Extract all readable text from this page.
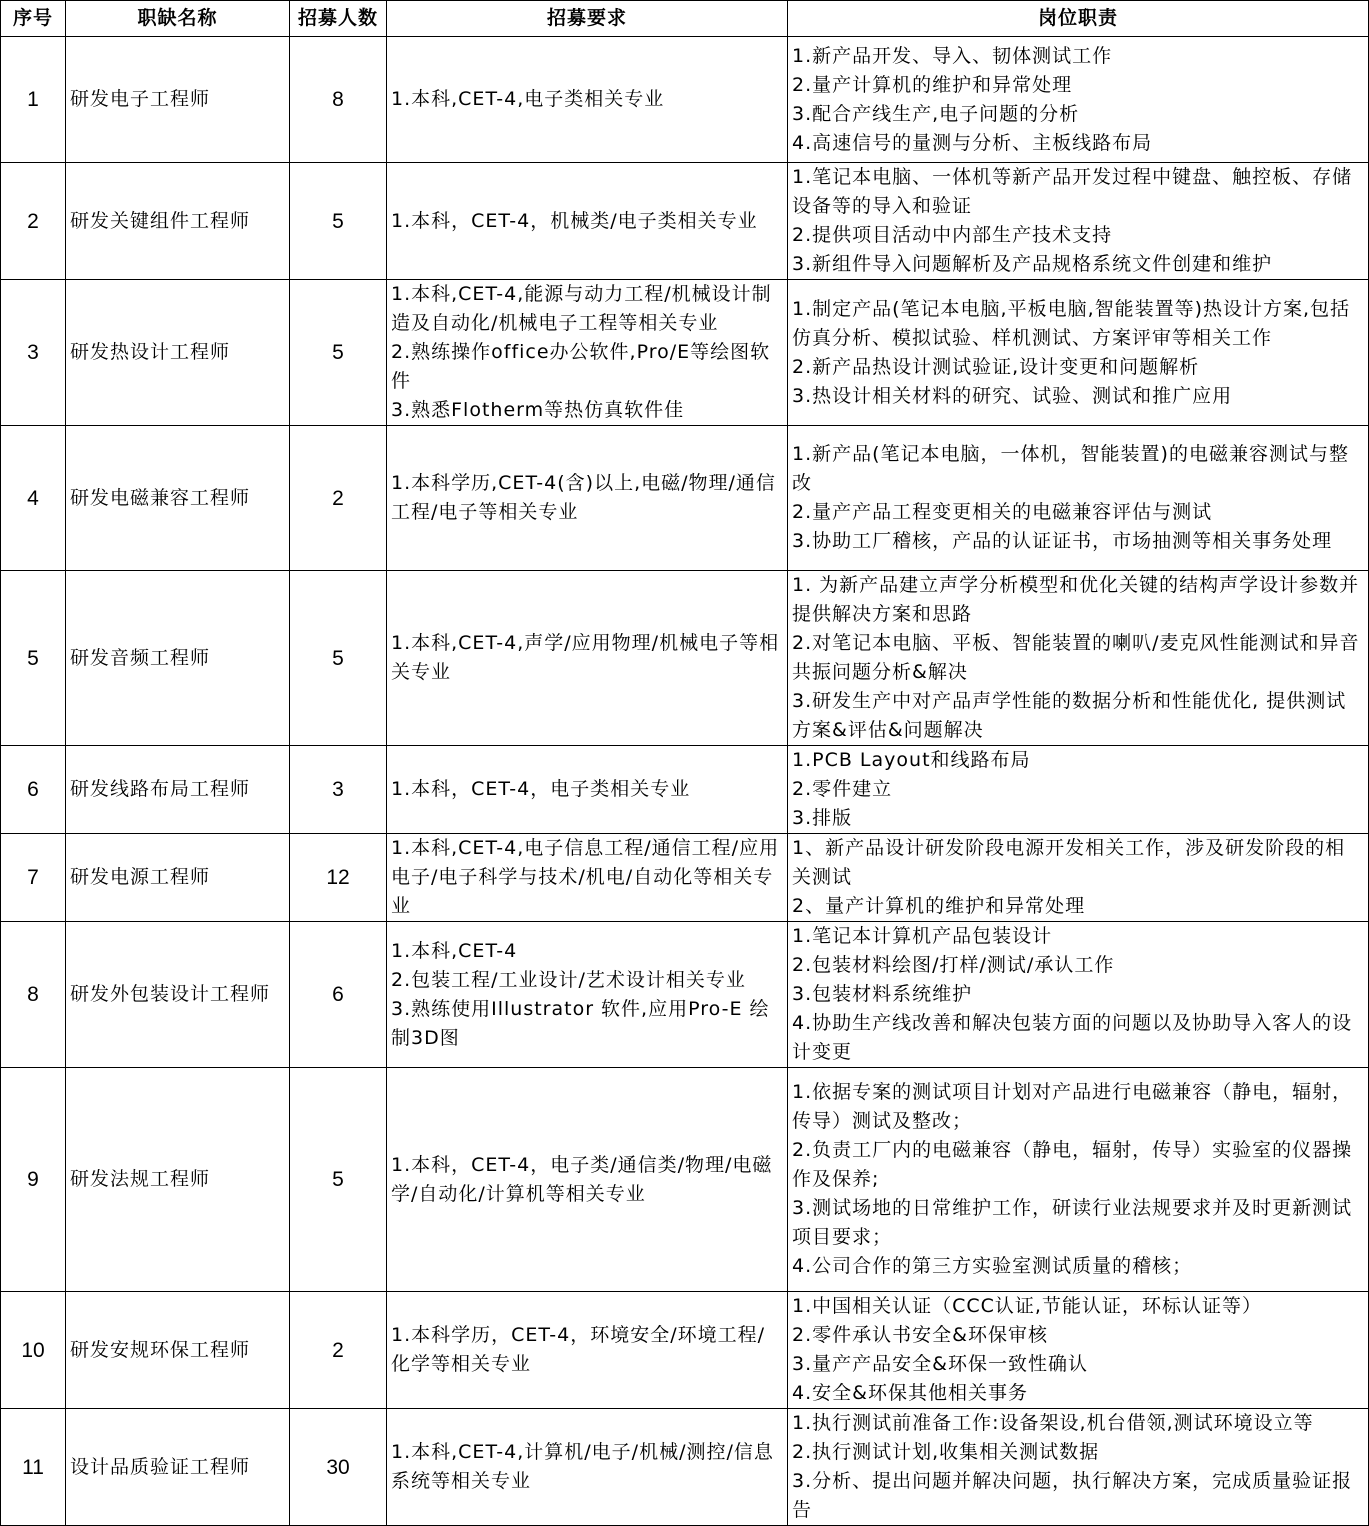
序号	职缺名称	招募人数	招募要求	岗位职责
1	研发电子工程师	8	1.本科,CET-4,电子类相关专业	1.新产品开发、导入、韧体测试工作
2.量产计算机的维护和异常处理
3.配合产线生产,电子问题的分析
4.高速信号的量测与分析、主板线路布局

2	研发关键组件工程师	5	1.本科，CET-4，机械类/电子类相关专业	1.笔记本电脑、一体机等新产品开发过程中键盘、触控板、存储设备等的导入和验证
2.提供项目活动中内部生产技术支持
3.新组件导入问题解析及产品规格系统文件创建和维护

3	研发热设计工程师	5	1.本科,CET-4,能源与动力工程/机械设计制造及自动化/机械电子工程等相关专业
2.熟练操作office办公软件,Pro/E等绘图软件
3.熟悉Flotherm等热仿真软件佳	1.制定产品(笔记本电脑,平板电脑,智能装置等)热设计方案,包括仿真分析、模拟试验、样机测试、方案评审等相关工作
2.新产品热设计测试验证,设计变更和问题解析
3.热设计相关材料的研究、试验、测试和推广应用

4	研发电磁兼容工程师	2	1.本科学历,CET-4(含)以上,电磁/物理/通信工程/电子等相关专业	1.新产品(笔记本电脑，一体机，智能装置)的电磁兼容测试与整改
2.量产产品工程变更相关的电磁兼容评估与测试
3.协助工厂稽核，产品的认证证书，市场抽测等相关事务处理

5	研发音频工程师	5	1.本科,CET-4,声学/应用物理/机械电子等相关专业	1. 为新产品建立声学分析模型和优化关键的结构声学设计参数并提供解决方案和思路
2.对笔记本电脑、平板、智能装置的喇叭/麦克风性能测试和异音共振问题分析&解决
3.研发生产中对产品声学性能的数据分析和性能优化, 提供测试方案&评估&问题解决

6	研发线路布局工程师	3	1.本科，CET-4，电子类相关专业	1.PCB Layout和线路布局
2.零件建立
3.排版

7	研发电源工程师	12	1.本科,CET-4,电子信息工程/通信工程/应用电子/电子科学与技术/机电/自动化等相关专业	1、新产品设计研发阶段电源开发相关工作，涉及研发阶段的相关测试
2、量产计算机的维护和异常处理

8	研发外包装设计工程师	6	1.本科,CET-4
2.包装工程/工业设计/艺术设计相关专业
3.熟练使用Illustrator 软件,应用Pro-E 绘制3D图	1.笔记本计算机产品包装设计
2.包装材料绘图/打样/测试/承认工作
3.包装材料系统维护
4.协助生产线改善和解决包装方面的问题以及协助导入客人的设计变更

9	研发法规工程师	5	1.本科，CET-4，电子类/通信类/物理/电磁学/自动化/计算机等相关专业	1.依据专案的测试项目计划对产品进行电磁兼容（静电，辐射，传导）测试及整改；
2.负责工厂内的电磁兼容（静电，辐射，传导）实验室的仪器操作及保养;
3.测试场地的日常维护工作，研读行业法规要求并及时更新测试项目要求；
4.公司合作的第三方实验室测试质量的稽核；

10	研发安规环保工程师	2	1.本科学历，CET-4，环境安全/环境工程/化学等相关专业	1.中国相关认证（CCC认证,节能认证，环标认证等）
2.零件承认书安全&环保审核
3.量产产品安全&环保一致性确认
4.安全&环保其他相关事务

11	设计品质验证工程师	30	1.本科,CET-4,计算机/电子/机械/测控/信息系统等相关专业	1.执行测试前准备工作:设备架设,机台借领,测试环境设立等
2.执行测试计划,收集相关测试数据
3.分析、提出问题并解决问题，执行解决方案，完成质量验证报告
